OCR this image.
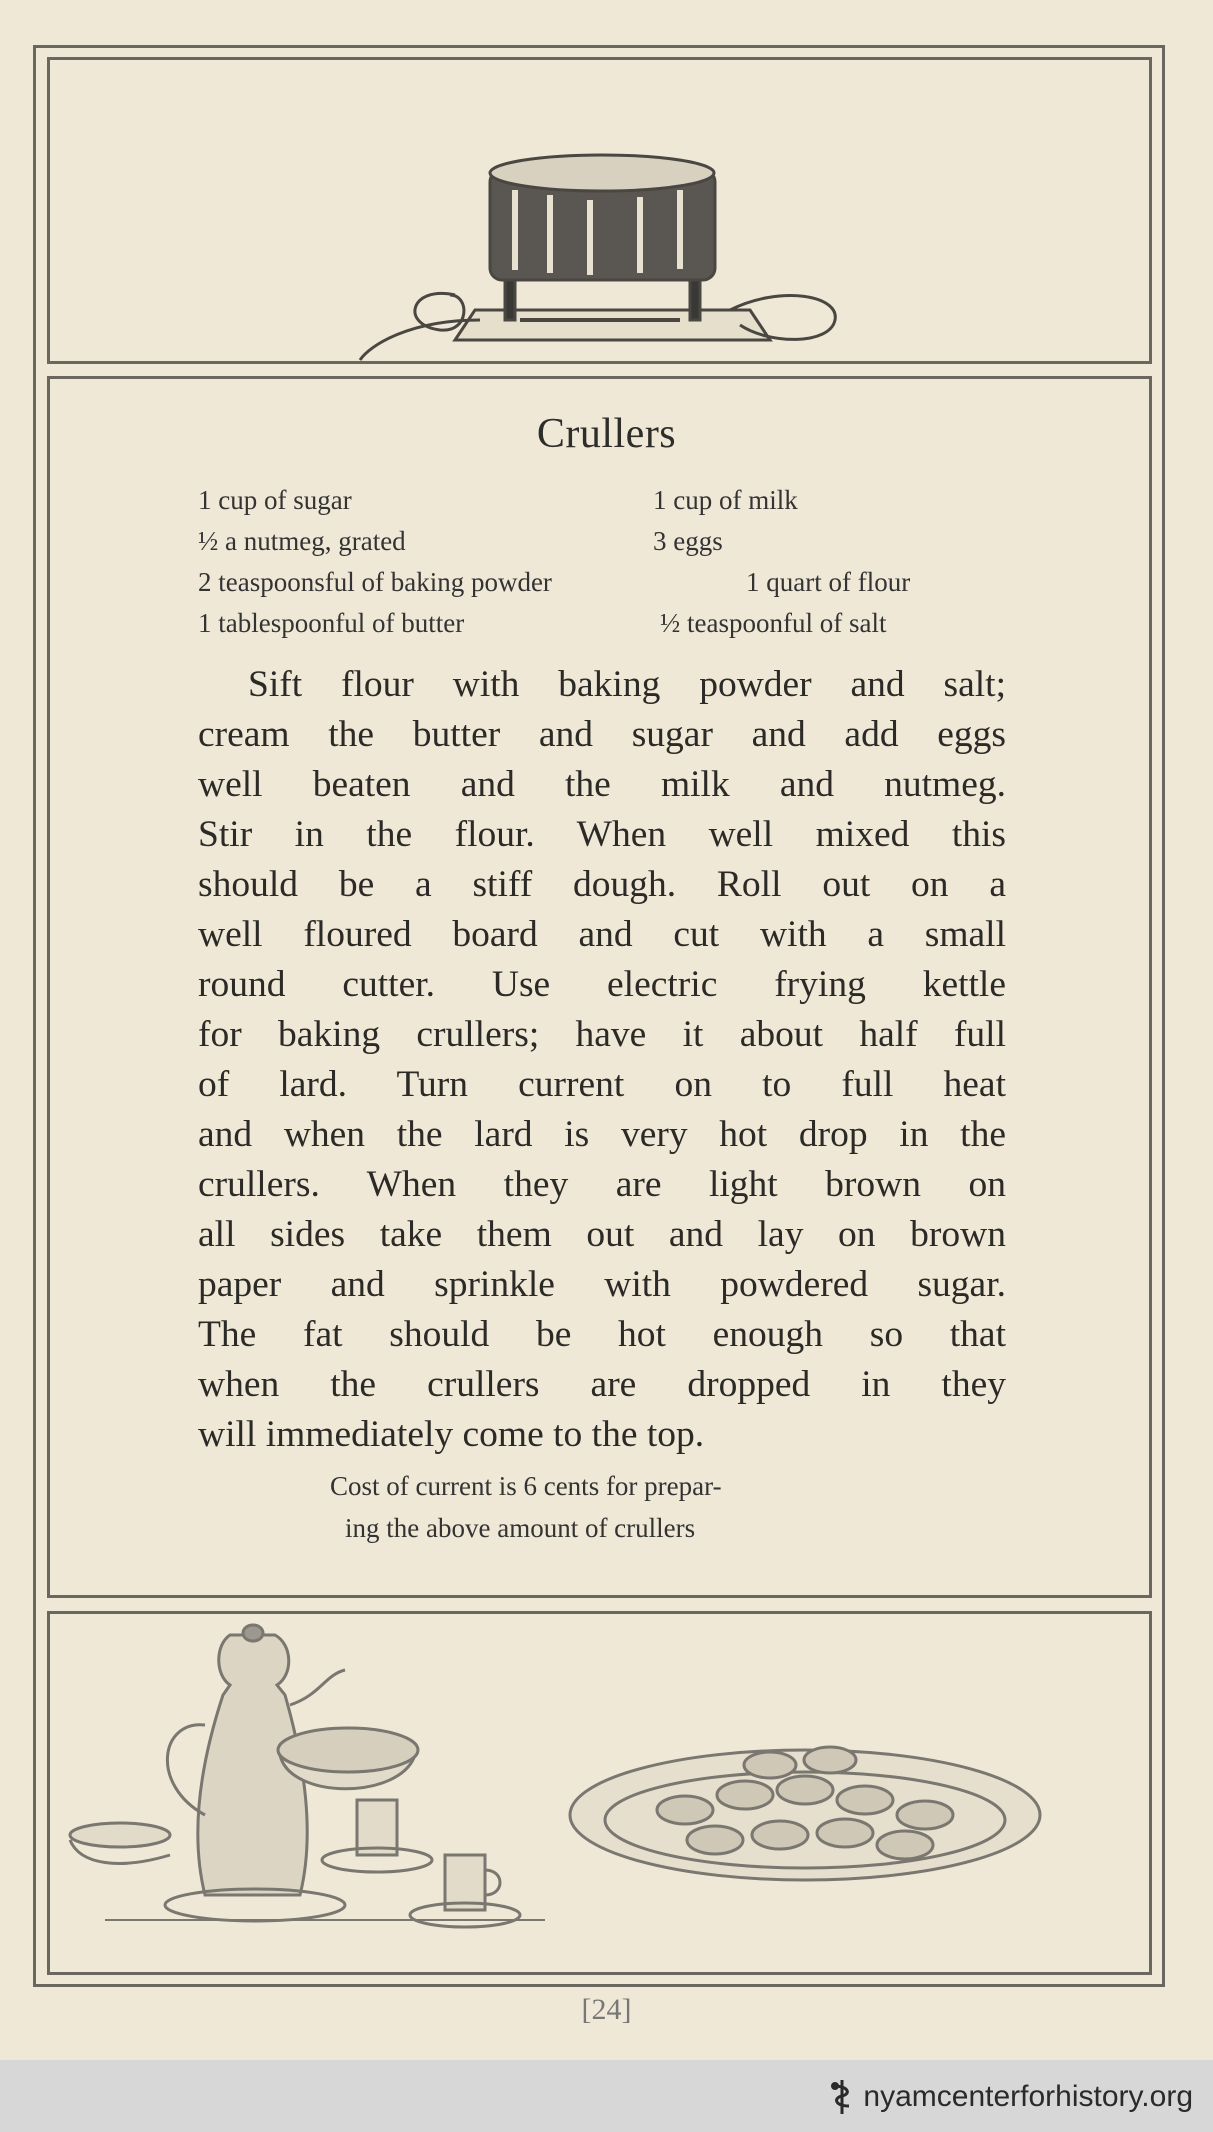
Crullers
1 cup of sugar	1 cup of milk
½ a nutmeg, grated	3 eggs
2 teaspoonsful of baking powder	1 quart of flour
1 tablespoonful of butter	½ teaspoonful of salt
Sift flour with baking powder and salt;
cream the butter and sugar and add eggs
well beaten and the milk and nutmeg.
Stir in the flour. When well mixed this
should be a stiff dough. Roll out on a
well floured board and cut with a small
round cutter. Use electric frying kettle
for baking crullers; have it about half full
of lard. Turn current on to full heat
and when the lard is very hot drop in the
crullers. When they are light brown on
all sides take them out and lay on brown
paper and sprinkle with powdered sugar.
The fat should be hot enough so that
when the crullers are dropped in they
will immediately come to the top.
Cost of current is 6 cents for prepar-
ing the above amount of crullers
[24]
nyamcenterforhistory.org
